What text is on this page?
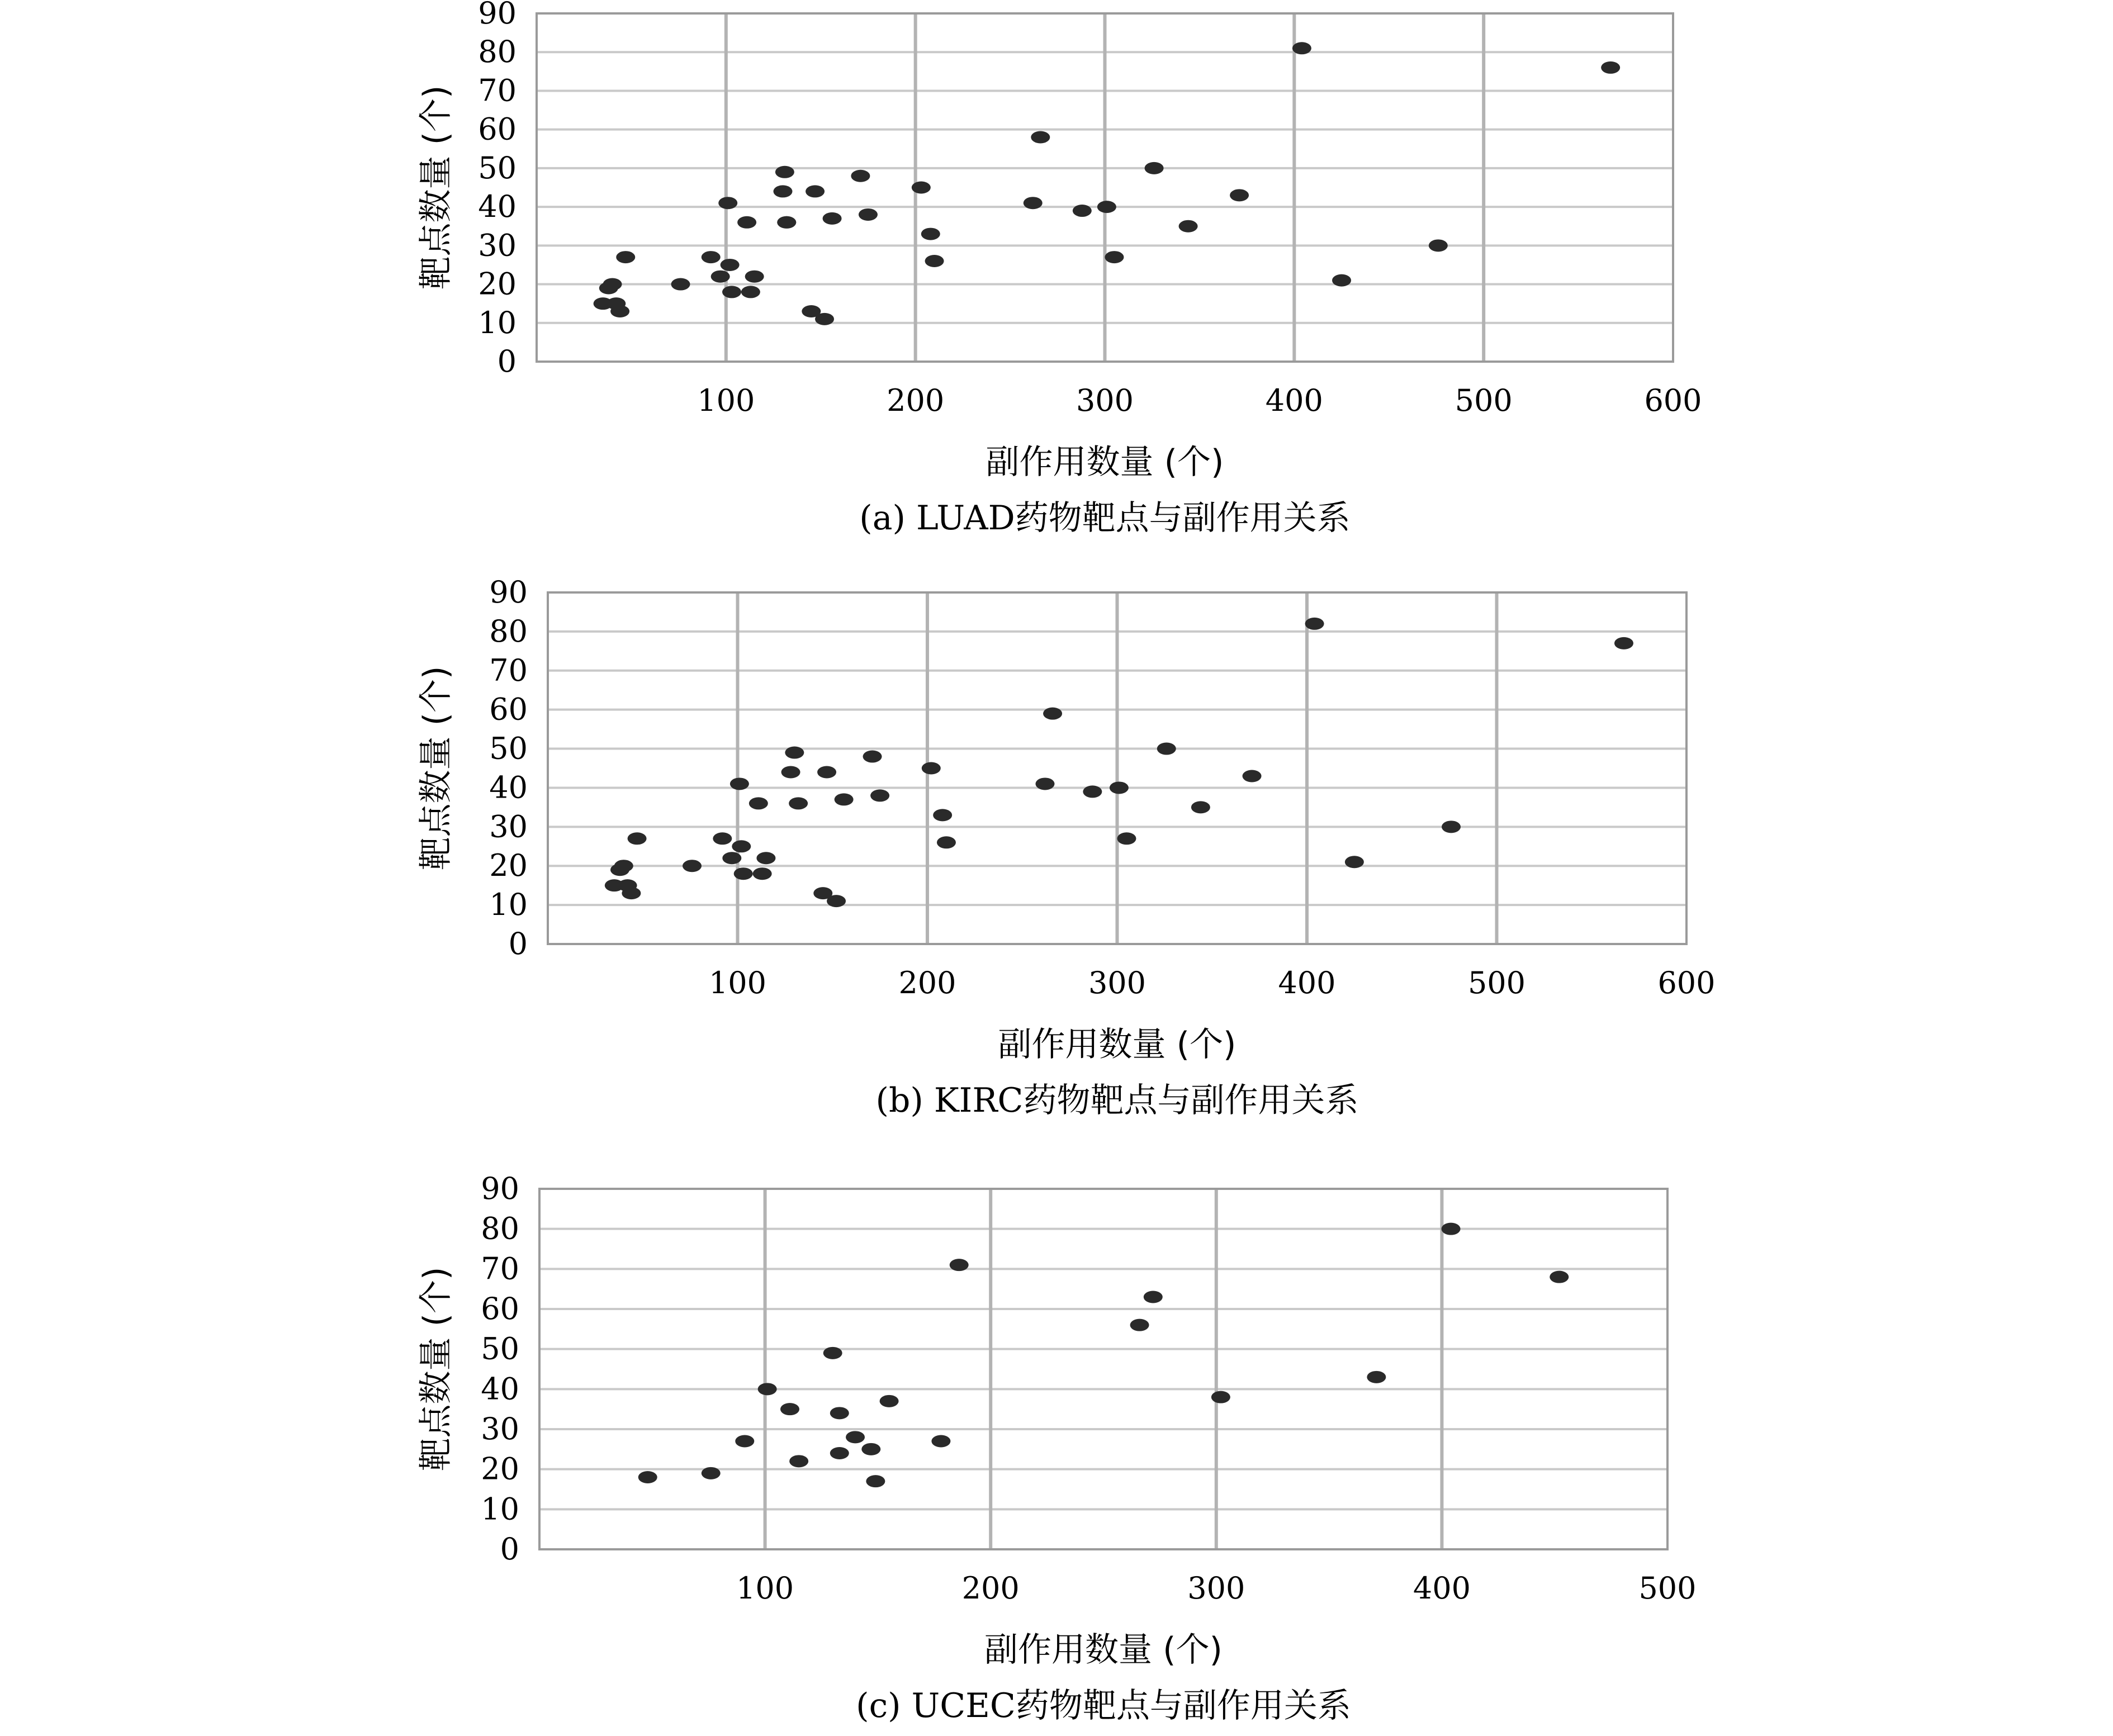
0
10
20
30
40
50
60
70
80
90
100	200	300	400	500	600
靶点数量 (个)
副作用数量 (个)
(a) LUAD药物靶点与副作用关系
0
10
20
30
40
50
60
70
80
90
100	200	300	400	500	600
靶点数量 (个)
副作用数量 (个)
(b) KIRC药物靶点与副作用关系
0
10
20
30
40
50
60
70
80
90
100	200	300	400	500
靶点数量 (个)
副作用数量 (个)
(c) UCEC药物靶点与副作用关系
